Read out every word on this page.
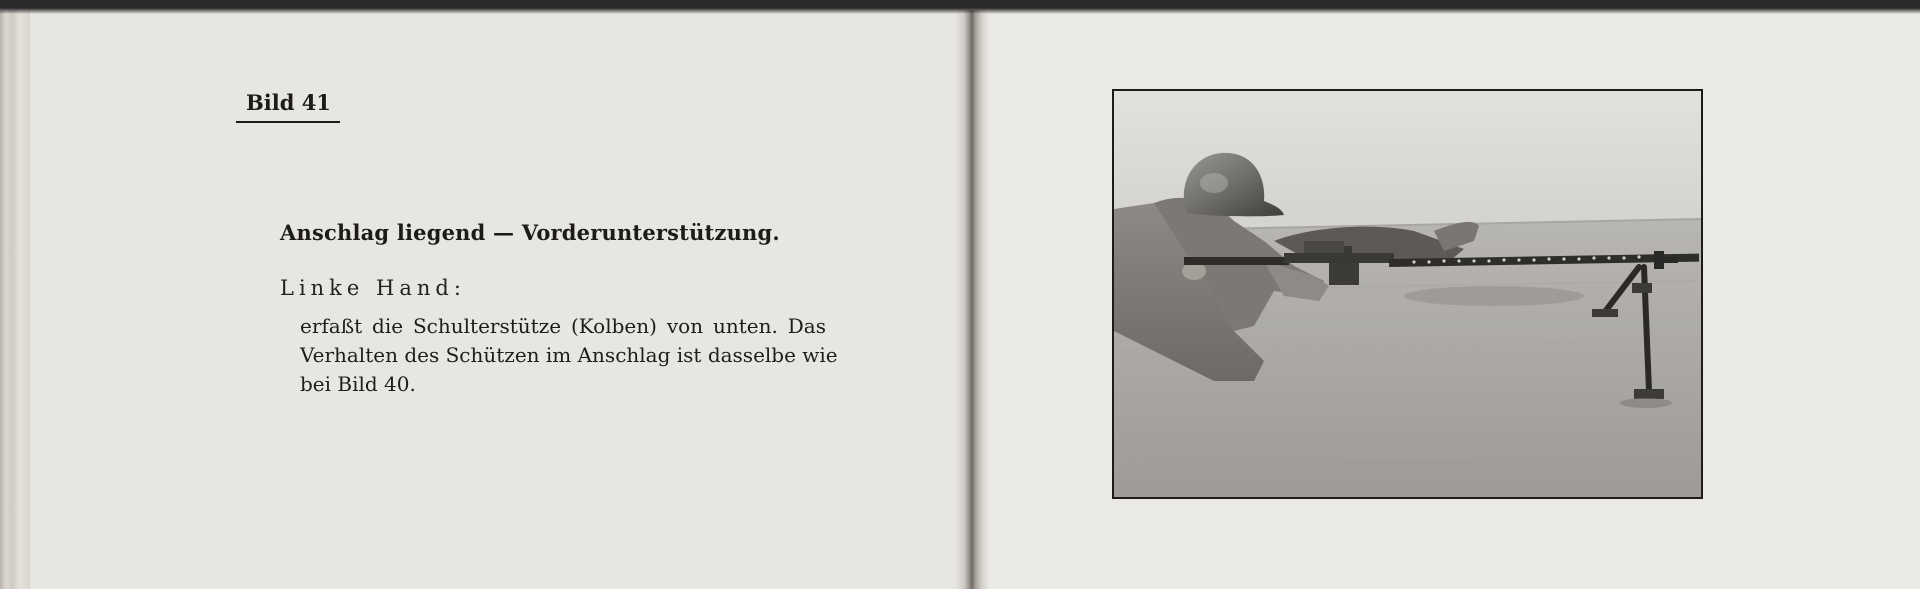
Bild 41
Anschlag liegend — Vorderunterstützung.
Linke Hand:
erfaßt die Schulterstütze (Kolben) von unten. Das
Verhalten des Schützen im Anschlag ist dasselbe wie
bei Bild 40.
